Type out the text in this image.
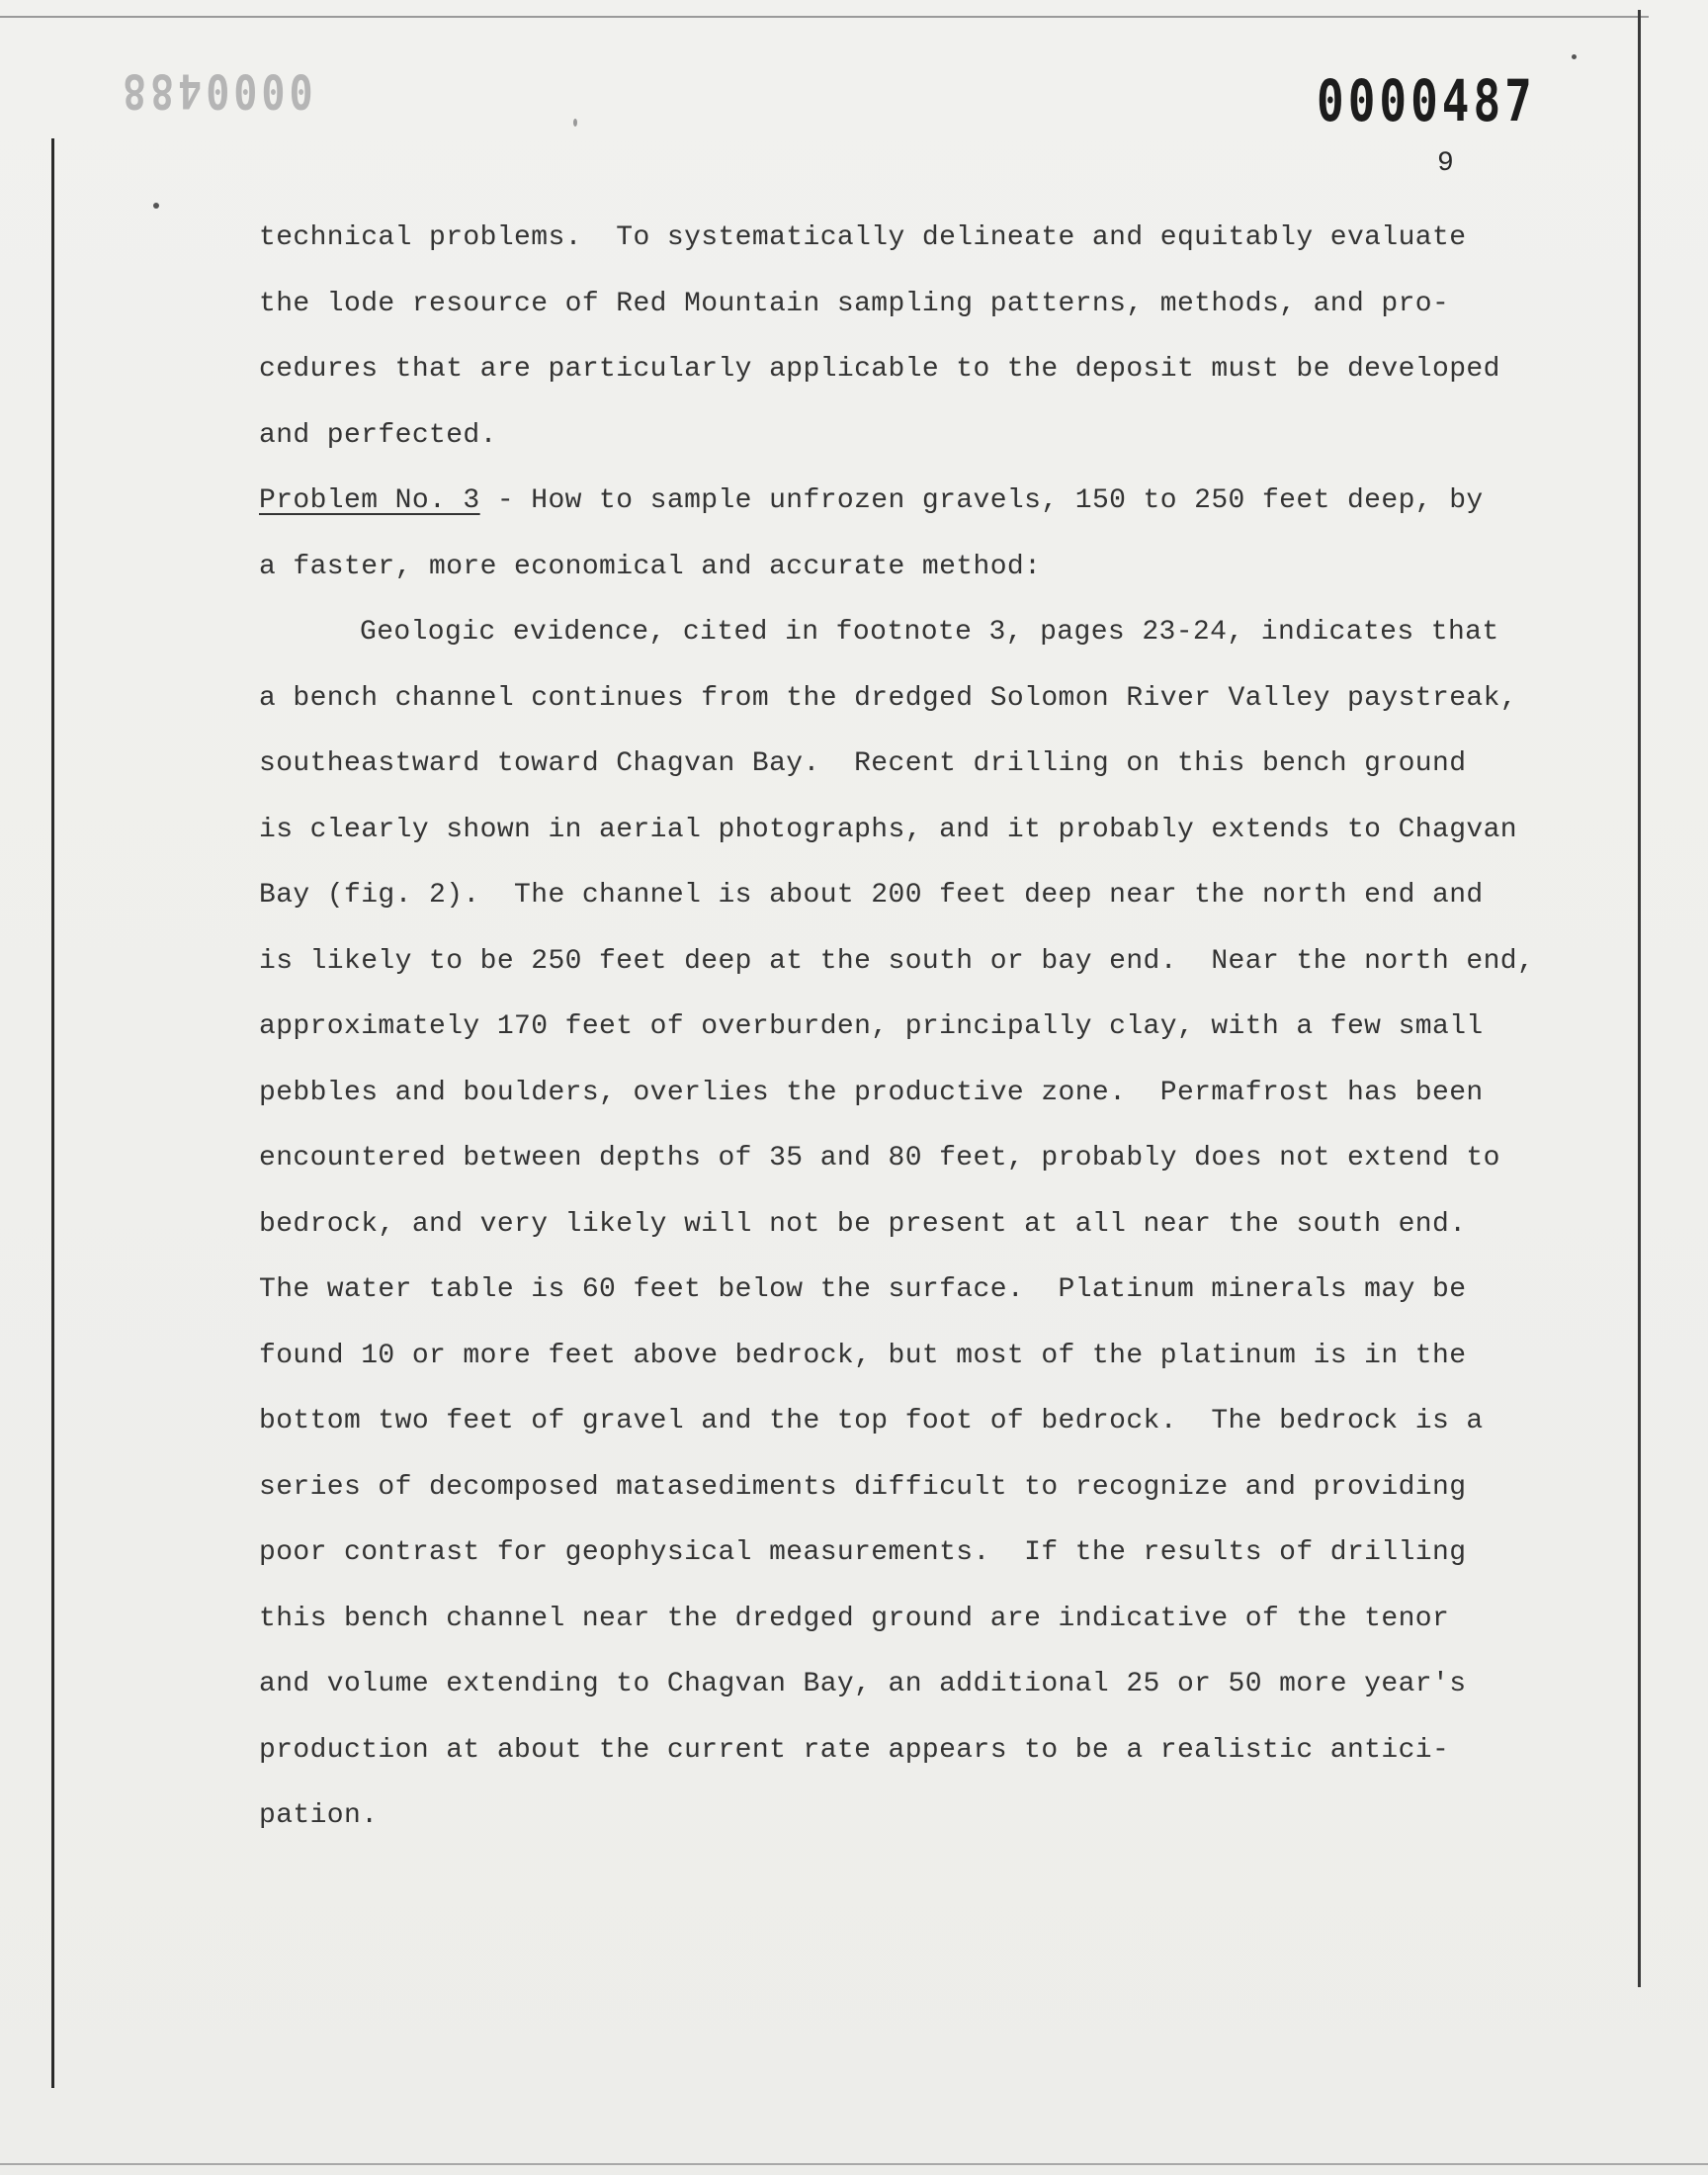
0000488	0000487
9
technical problems.  To systematically delineate and equitably evaluate
the lode resource of Red Mountain sampling patterns, methods, and pro-
cedures that are particularly applicable to the deposit must be developed
and perfected.
Problem No. 3 - How to sample unfrozen gravels, 150 to 250 feet deep, by
a faster, more economical and accurate method:
Geologic evidence, cited in footnote 3, pages 23-24, indicates that
a bench channel continues from the dredged Solomon River Valley paystreak,
southeastward toward Chagvan Bay.  Recent drilling on this bench ground
is clearly shown in aerial photographs, and it probably extends to Chagvan
Bay (fig. 2).  The channel is about 200 feet deep near the north end and
is likely to be 250 feet deep at the south or bay end.  Near the north end,
approximately 170 feet of overburden, principally clay, with a few small
pebbles and boulders, overlies the productive zone.  Permafrost has been
encountered between depths of 35 and 80 feet, probably does not extend to
bedrock, and very likely will not be present at all near the south end.
The water table is 60 feet below the surface.  Platinum minerals may be
found 10 or more feet above bedrock, but most of the platinum is in the
bottom two feet of gravel and the top foot of bedrock.  The bedrock is a
series of decomposed matasediments difficult to recognize and providing
poor contrast for geophysical measurements.  If the results of drilling
this bench channel near the dredged ground are indicative of the tenor
and volume extending to Chagvan Bay, an additional 25 or 50 more year's
production at about the current rate appears to be a realistic antici-
pation.
